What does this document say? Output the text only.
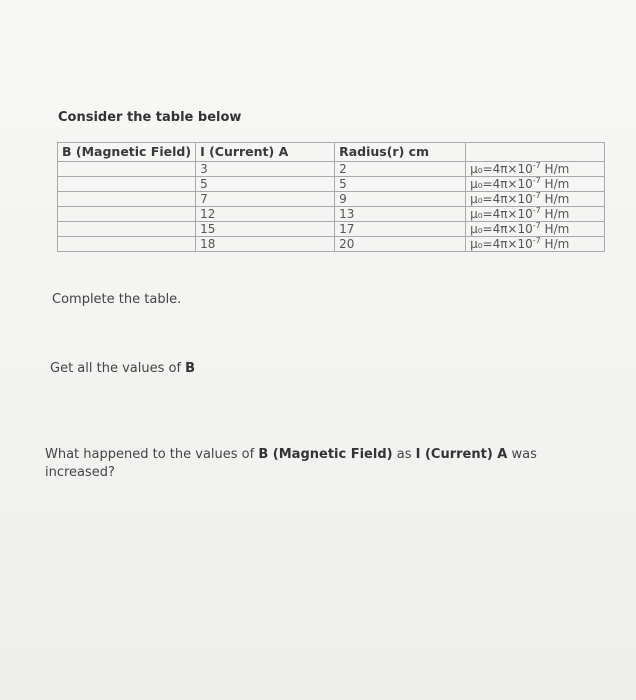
Consider the table below
B (Magnetic Field)	I (Current) A	Radius(r) cm	
	3	2	$\mu_0=4\pi\times 10^{-7}$ H/m
	5	5	$\mu_0=4\pi\times 10^{-7}$ H/m
	7	9	$\mu_0=4\pi\times 10^{-7}$ H/m
	12	13	$\mu_0=4\pi\times 10^{-7}$ H/m
	15	17	$\mu_0=4\pi\times 10^{-7}$ H/m
	18	20	$\mu_0=4\pi\times 10^{-7}$ H/m
Complete the table.
Get all the values of B
What happened to the values of B (Magnetic Field) as I (Current) A was increased?
